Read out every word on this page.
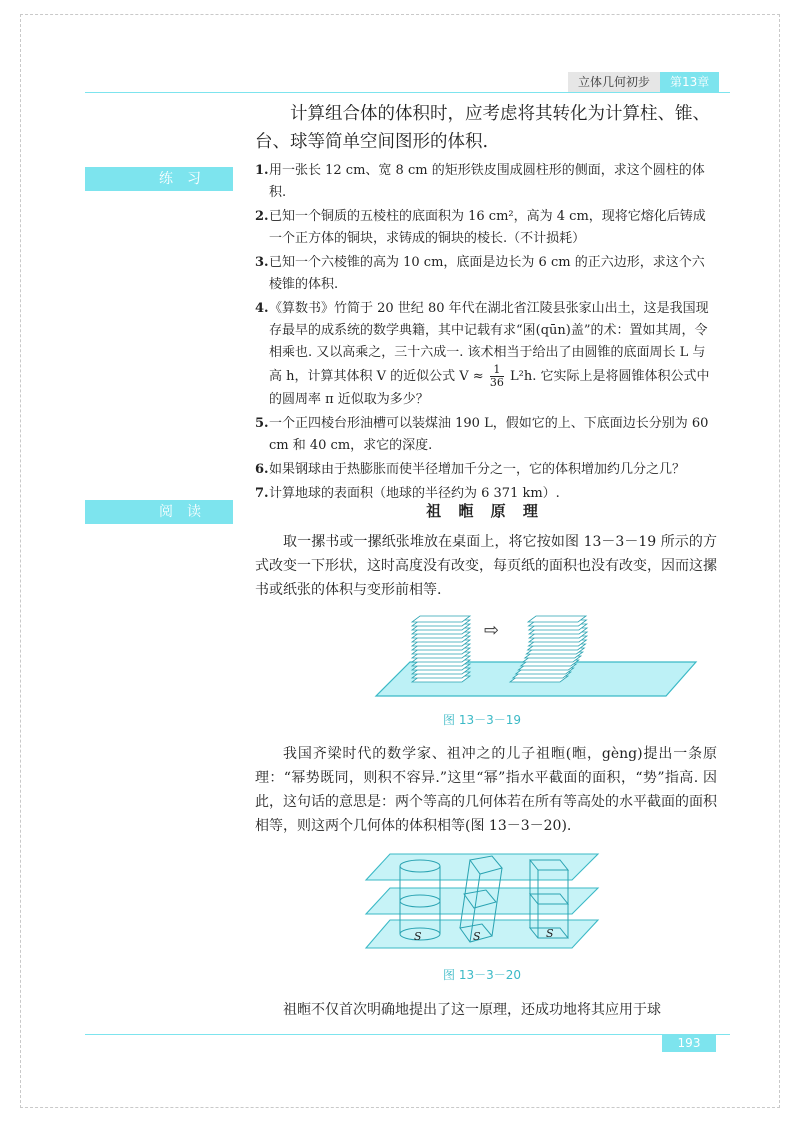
立体几何初步	第13章
计算组合体的体积时，应考虑将其转化为计算柱、锥、台、球等简单空间图形的体积.
练习
1. 用一张长 12 cm、宽 8 cm 的矩形铁皮围成圆柱形的侧面，求这个圆柱的体积.
2. 已知一个铜质的五棱柱的底面积为 16 cm²，高为 4 cm，现将它熔化后铸成一个正方体的铜块，求铸成的铜块的棱长.（不计损耗）
3. 已知一个六棱锥的高为 10 cm，底面是边长为 6 cm 的正六边形，求这个六棱锥的体积.
4. 《算数书》竹简于 20 世纪 80 年代在湖北省江陵县张家山出土，这是我国现存最早的成系统的数学典籍，其中记载有求“囷(qūn)盖”的术：置如其周，令相乘也. 又以高乘之，三十六成一. 该术相当于给出了由圆锥的底面周长 L 与高 h，计算其体积 V 的近似公式 $V \approx \frac{1}{36} L^2h$. 它实际上是将圆锥体积公式中的圆周率 π 近似取为多少？
5. 一个正四棱台形油槽可以装煤油 190 L，假如它的上、下底面边长分别为 60 cm 和 40 cm，求它的深度.
6. 如果钢球由于热膨胀而使半径增加千分之一，它的体积增加约几分之几？
7. 计算地球的表面积（地球的半径约为 6 371 km）.
阅读	祖 暅 原 理
取一摞书或一摞纸张堆放在桌面上，将它按如图 13－3－19 所示的方式改变一下形状，这时高度没有改变，每页纸的面积也没有改变，因而这摞书或纸张的体积与变形前相等.
⇨
图 13－3－19
我国齐梁时代的数学家、祖冲之的儿子祖暅(暅，gèng)提出一条原理：“幂势既同，则积不容异.”这里“幂”指水平截面的面积，“势”指高. 因此，这句话的意思是：两个等高的几何体若在所有等高处的水平截面的面积相等，则这两个几何体的体积相等(图 13－3－20).
S	S	S
图 13－3－20
祖暅不仅首次明确地提出了这一原理，还成功地将其应用于球
193
